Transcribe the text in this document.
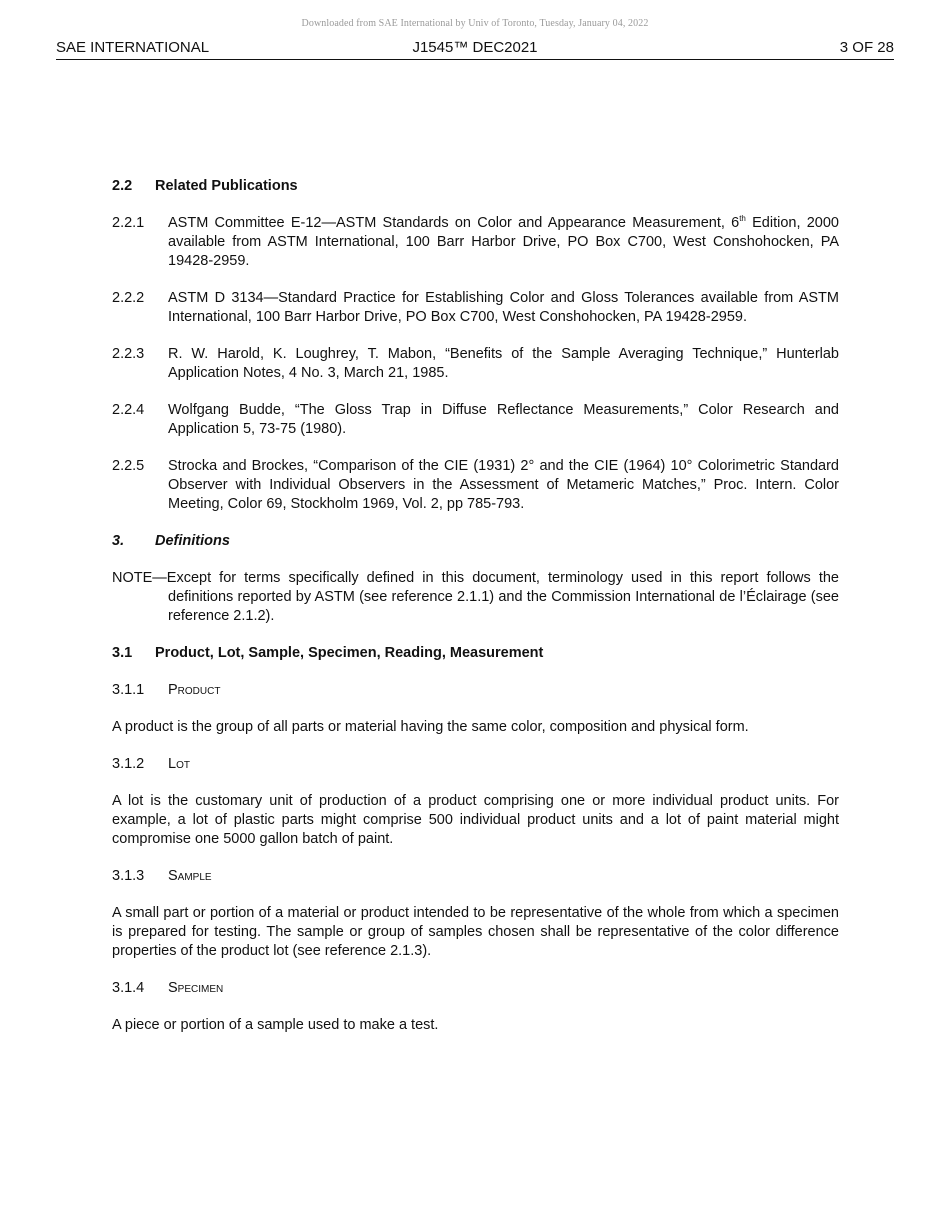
Downloaded from SAE International by Univ of Toronto, Tuesday, January 04, 2022
SAE INTERNATIONAL	J1545™ DEC2021	3 OF 28
2.2	Related Publications
2.2.1	ASTM Committee E-12—ASTM Standards on Color and Appearance Measurement, 6th Edition, 2000 available from ASTM International, 100 Barr Harbor Drive, PO Box C700, West Conshohocken, PA 19428-2959.
2.2.2	ASTM D 3134—Standard Practice for Establishing Color and Gloss Tolerances available from ASTM International, 100 Barr Harbor Drive, PO Box C700, West Conshohocken, PA 19428-2959.
2.2.3	R. W. Harold, K. Loughrey, T. Mabon, “Benefits of the Sample Averaging Technique,” Hunterlab Application Notes, 4 No. 3, March 21, 1985.
2.2.4	Wolfgang Budde, “The Gloss Trap in Diffuse Reflectance Measurements,” Color Research and Application 5, 73-75 (1980).
2.2.5	Strocka and Brockes, “Comparison of the CIE (1931) 2° and the CIE (1964) 10° Colorimetric Standard Observer with Individual Observers in the Assessment of Metameric Matches,” Proc. Intern. Color Meeting, Color 69, Stockholm 1969, Vol. 2, pp 785-793.
3.	Definitions
NOTE—Except for terms specifically defined in this document, terminology used in this report follows the definitions reported by ASTM (see reference 2.1.1) and the Commission International de l’Éclairage (see reference 2.1.2).
3.1	Product, Lot, Sample, Specimen, Reading, Measurement
3.1.1	Product
A product is the group of all parts or material having the same color, composition and physical form.
3.1.2	Lot
A lot is the customary unit of production of a product comprising one or more individual product units. For example, a lot of plastic parts might comprise 500 individual product units and a lot of paint material might compromise one 5000 gallon batch of paint.
3.1.3	Sample
A small part or portion of a material or product intended to be representative of the whole from which a specimen is prepared for testing. The sample or group of samples chosen shall be representative of the color difference properties of the product lot (see reference 2.1.3).
3.1.4	Specimen
A piece or portion of a sample used to make a test.
